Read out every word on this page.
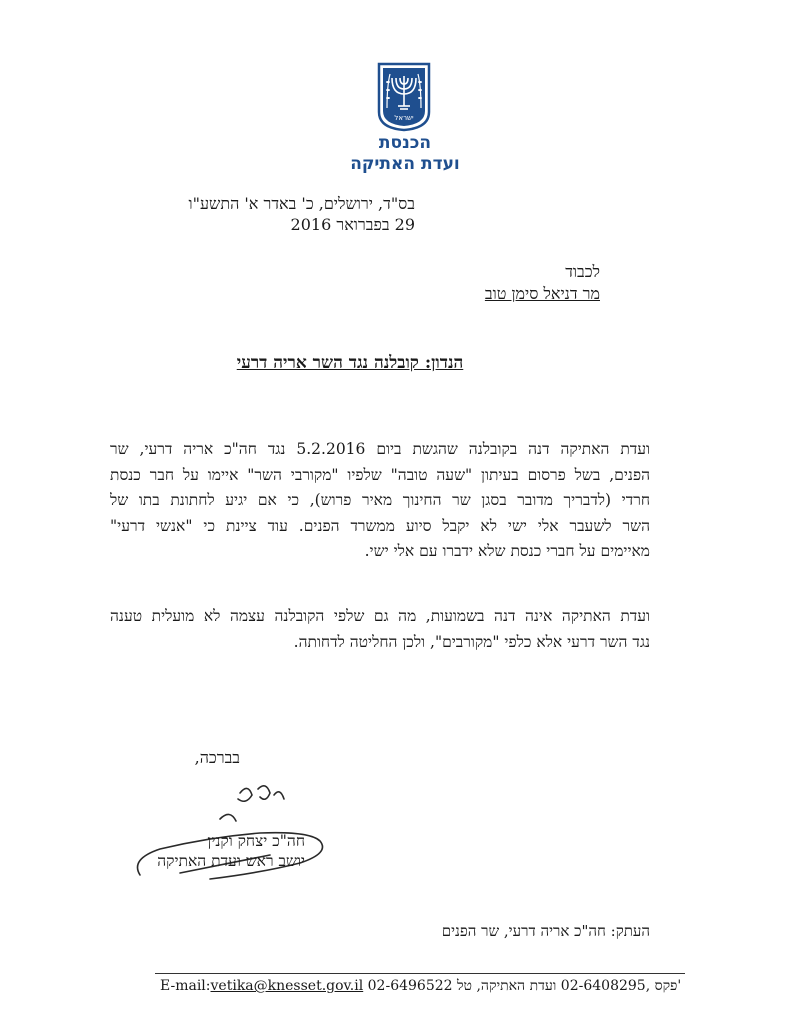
ישראל
הכנסת
ועדת האתיקה
בס"ד, ירושלים, כ' באדר א' התשע"ו
29 בפברואר 2016
לכבוד
מר דניאל סימן טוב
הנדון: קובלנה נגד השר אריה דרעי
ועדת האתיקה דנה בקובלנה שהגשת ביום 5.2.2016 נגד חה"כ אריה דרעי, שר
הפנים, בשל פרסום בעיתון "שעה טובה" שלפיו "מקורבי השר" איימו על חבר כנסת
חרדי (לדבריך מדובר בסגן שר החינוך מאיר פרוש), כי אם יגיע לחתונת בתו של
השר לשעבר אלי ישי לא יקבל סיוע ממשרד הפנים. עוד ציינת כי "אנשי דרעי"
מאיימים על חברי כנסת שלא ידברו עם אלי ישי.
ועדת האתיקה אינה דנה בשמועות, מה גם שלפי הקובלנה עצמה לא מועלית טענה
נגד השר דרעי אלא כלפי "מקורבים", ולכן החליטה לדחותה.
בברכה,
חה"כ יצחק וקנין
יושב ראש ועדת האתיקה
העתק: חה"כ אריה דרעי, שר הפנים
E-mail:vetika@knesset.gov.il 02-6496522 פקס ,02-6408295 ועדת האתיקה, טל'
